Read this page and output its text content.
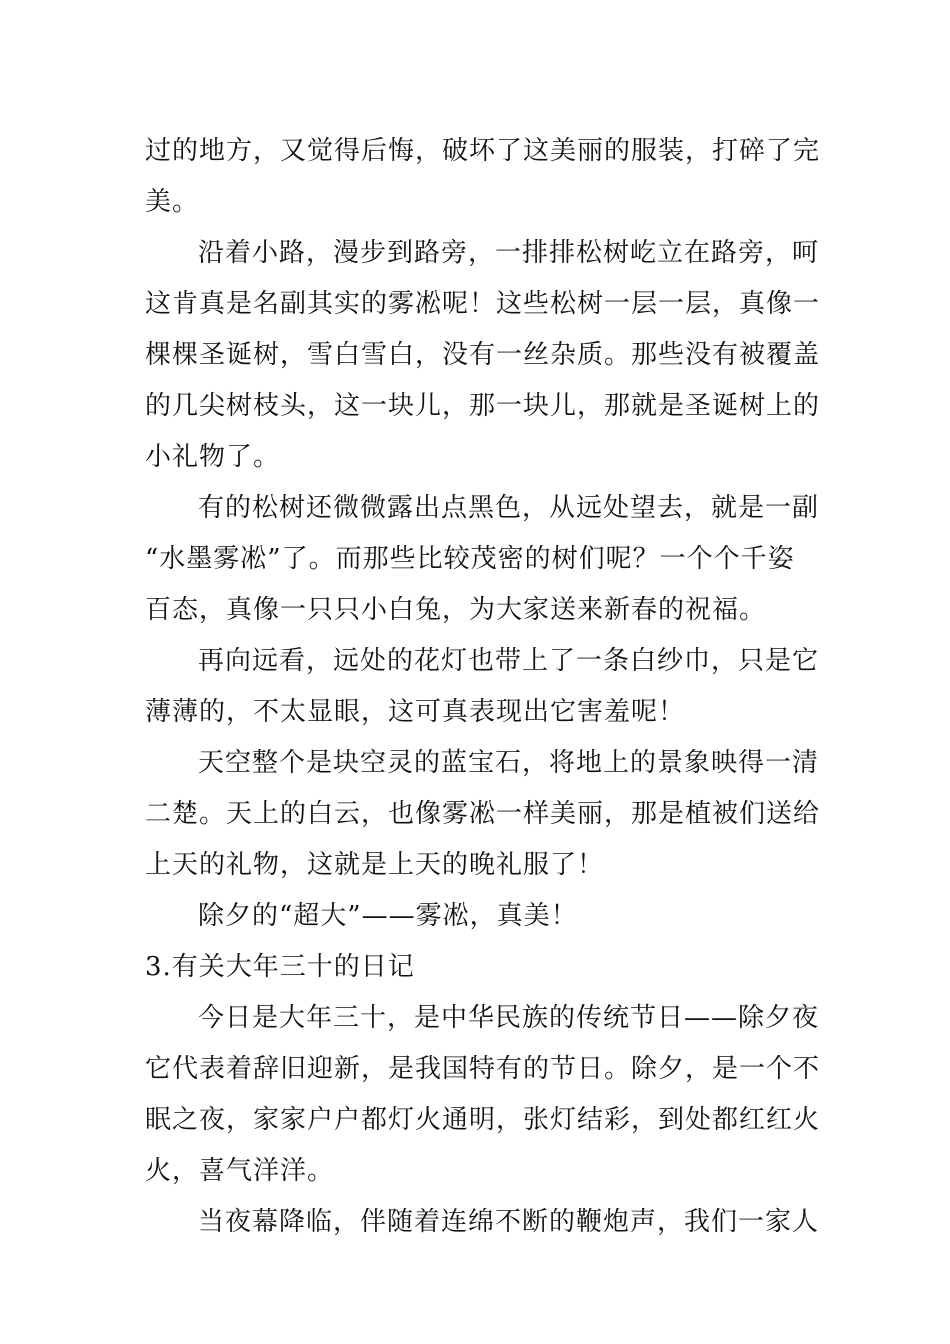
过的地方，又觉得后悔，破坏了这美丽的服装，打碎了完
美。
沿着小路，漫步到路旁，一排排松树屹立在路旁，呵
这肯真是名副其实的雾凇呢！这些松树一层一层，真像一
棵棵圣诞树，雪白雪白，没有一丝杂质。那些没有被覆盖
的几尖树枝头，这一块儿，那一块儿，那就是圣诞树上的
小礼物了。
有的松树还微微露出点黑色，从远处望去，就是一副
“水墨雾凇”了。而那些比较茂密的树们呢？一个个千姿
百态，真像一只只小白兔，为大家送来新春的祝福。
再向远看，远处的花灯也带上了一条白纱巾，只是它
薄薄的，不太显眼，这可真表现出它害羞呢！
天空整个是块空灵的蓝宝石，将地上的景象映得一清
二楚。天上的白云，也像雾凇一样美丽，那是植被们送给
上天的礼物，这就是上天的晚礼服了！
除夕的“超大”——雾凇，真美！
3.有关大年三十的日记
今日是大年三十，是中华民族的传统节日——除夕夜
它代表着辞旧迎新，是我国特有的节日。除夕，是一个不
眠之夜，家家户户都灯火通明，张灯结彩，到处都红红火
火，喜气洋洋。
当夜幕降临，伴随着连绵不断的鞭炮声，我们一家人
